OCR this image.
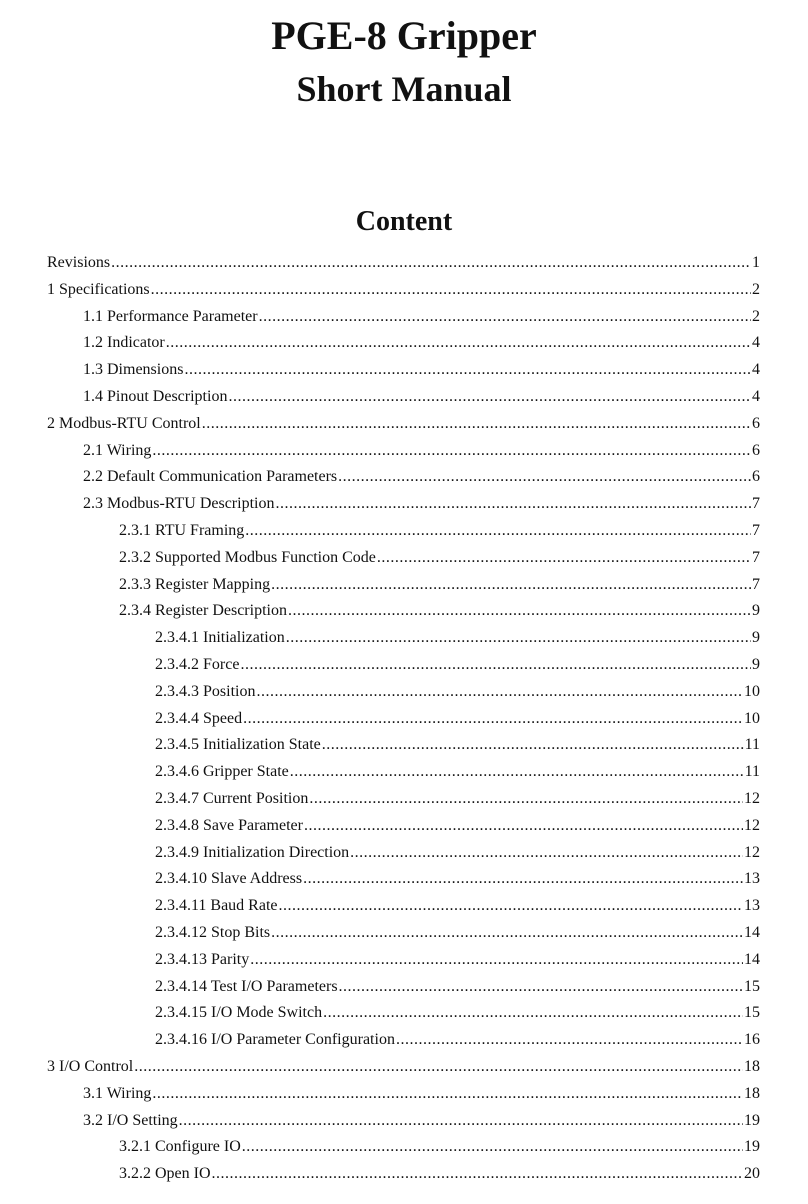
PGE-8 Gripper
Short Manual
Content
Revisions .....	1
1 Specifications .....	2
1.1 Performance Parameter .....	2
1.2 Indicator .....	4
1.3 Dimensions .....	4
1.4 Pinout Description .....	4
2 Modbus-RTU Control .....	6
2.1 Wiring .....	6
2.2 Default Communication Parameters .....	6
2.3 Modbus-RTU Description .....	7
2.3.1 RTU Framing .....	7
2.3.2 Supported Modbus Function Code .....	7
2.3.3 Register Mapping .....	7
2.3.4 Register Description .....	9
2.3.4.1 Initialization .....	9
2.3.4.2 Force .....	9
2.3.4.3 Position .....	10
2.3.4.4 Speed .....	10
2.3.4.5 Initialization State .....	11
2.3.4.6 Gripper State .....	11
2.3.4.7 Current Position .....	12
2.3.4.8 Save Parameter .....	12
2.3.4.9 Initialization Direction .....	12
2.3.4.10 Slave Address .....	13
2.3.4.11 Baud Rate .....	13
2.3.4.12 Stop Bits .....	14
2.3.4.13 Parity .....	14
2.3.4.14 Test I/O Parameters .....	15
2.3.4.15 I/O Mode Switch .....	15
2.3.4.16 I/O Parameter Configuration .....	16
3 I/O Control .....	18
3.1 Wiring .....	18
3.2 I/O Setting .....	19
3.2.1 Configure IO .....	19
3.2.2 Open IO .....	20
